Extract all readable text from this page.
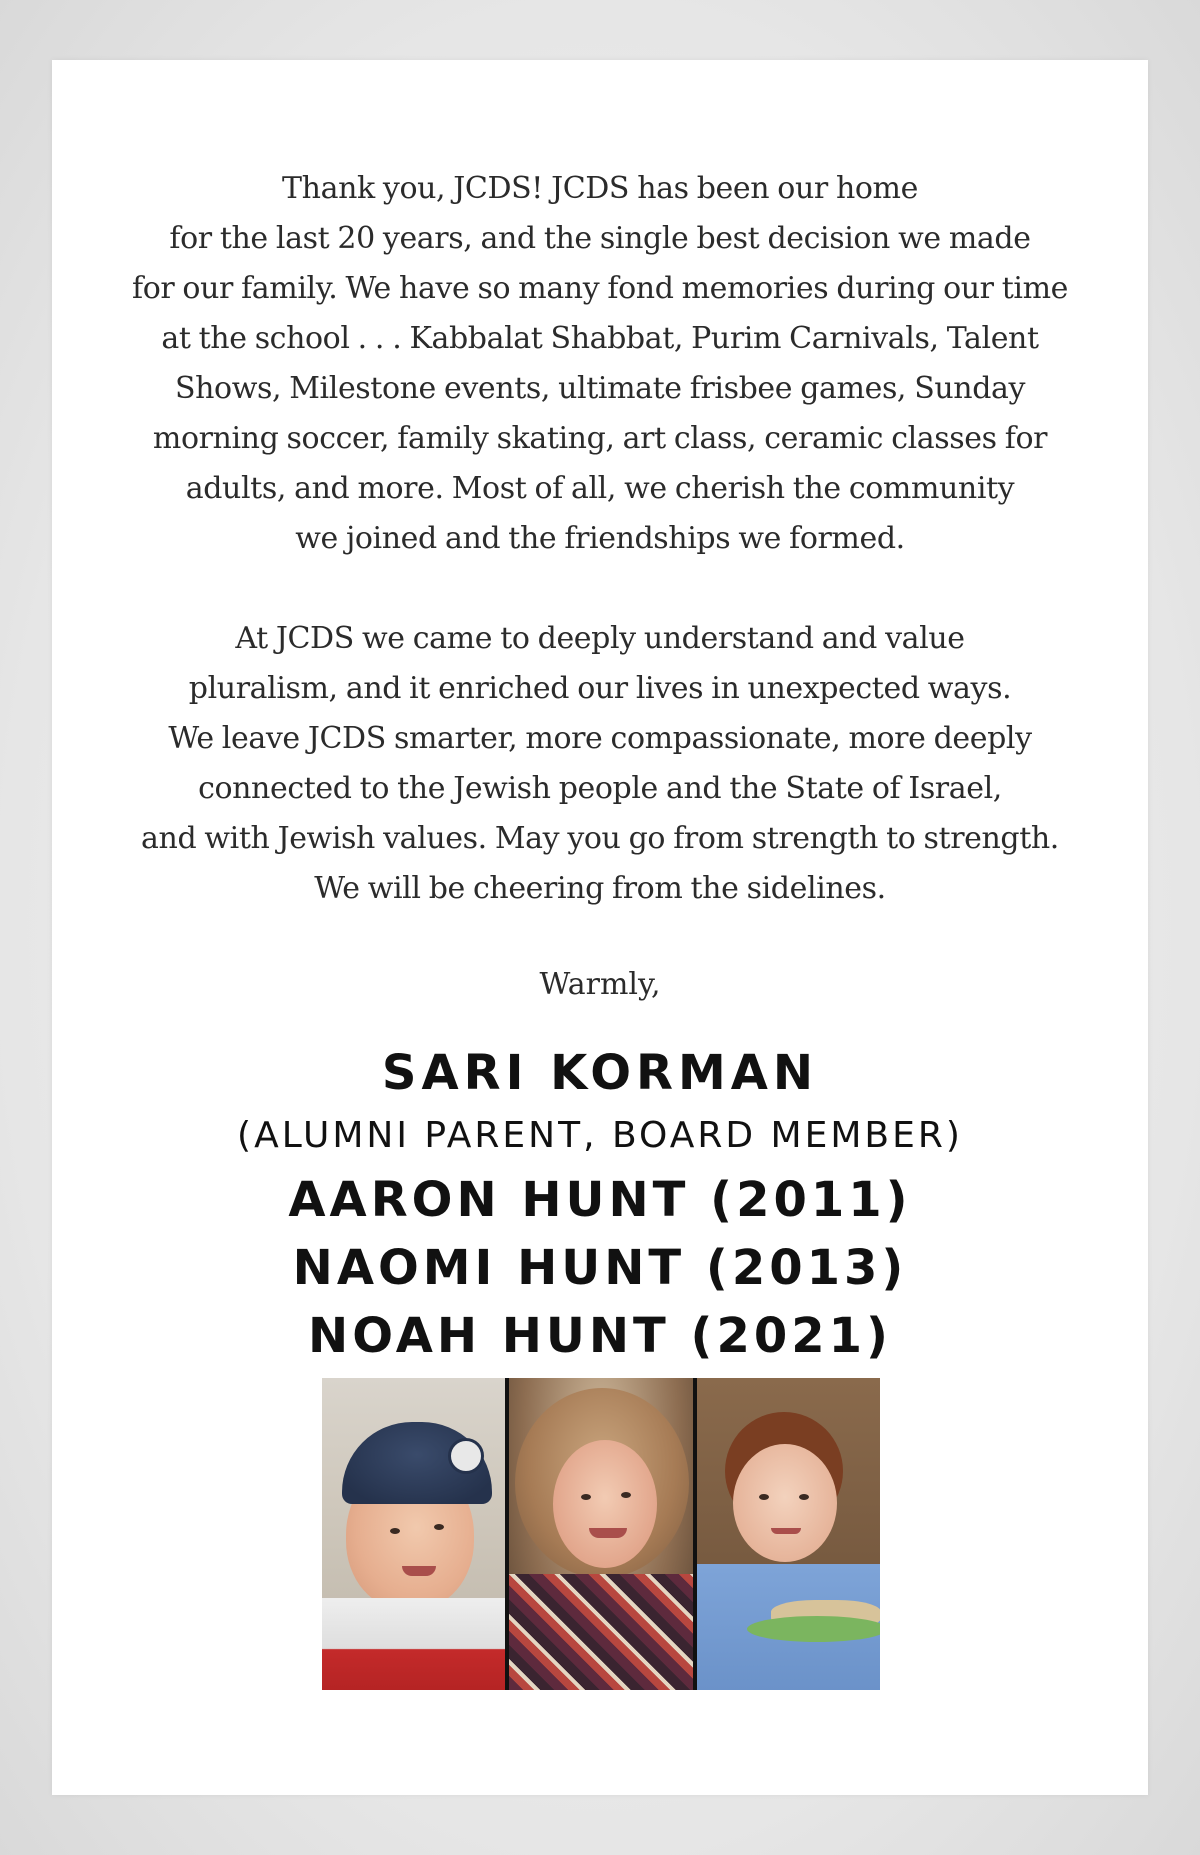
Thank you, JCDS! JCDS has been our home
for the last 20 years, and the single best decision we made
for our family. We have so many fond memories during our time
at the school . . . Kabbalat Shabbat, Purim Carnivals, Talent
Shows, Milestone events, ultimate frisbee games, Sunday
morning soccer, family skating, art class, ceramic classes for
adults, and more. Most of all, we cherish the community
we joined and the friendships we formed.

At JCDS we came to deeply understand and value
pluralism, and it enriched our lives in unexpected ways.
We leave JCDS smarter, more compassionate, more deeply
connected to the Jewish people and the State of Israel,
and with Jewish values. May you go from strength to strength.
We will be cheering from the sidelines.

Warmly,
SARI KORMAN
(ALUMNI PARENT, BOARD MEMBER)
AARON HUNT (2011)
NAOMI HUNT (2013)
NOAH HUNT (2021)
